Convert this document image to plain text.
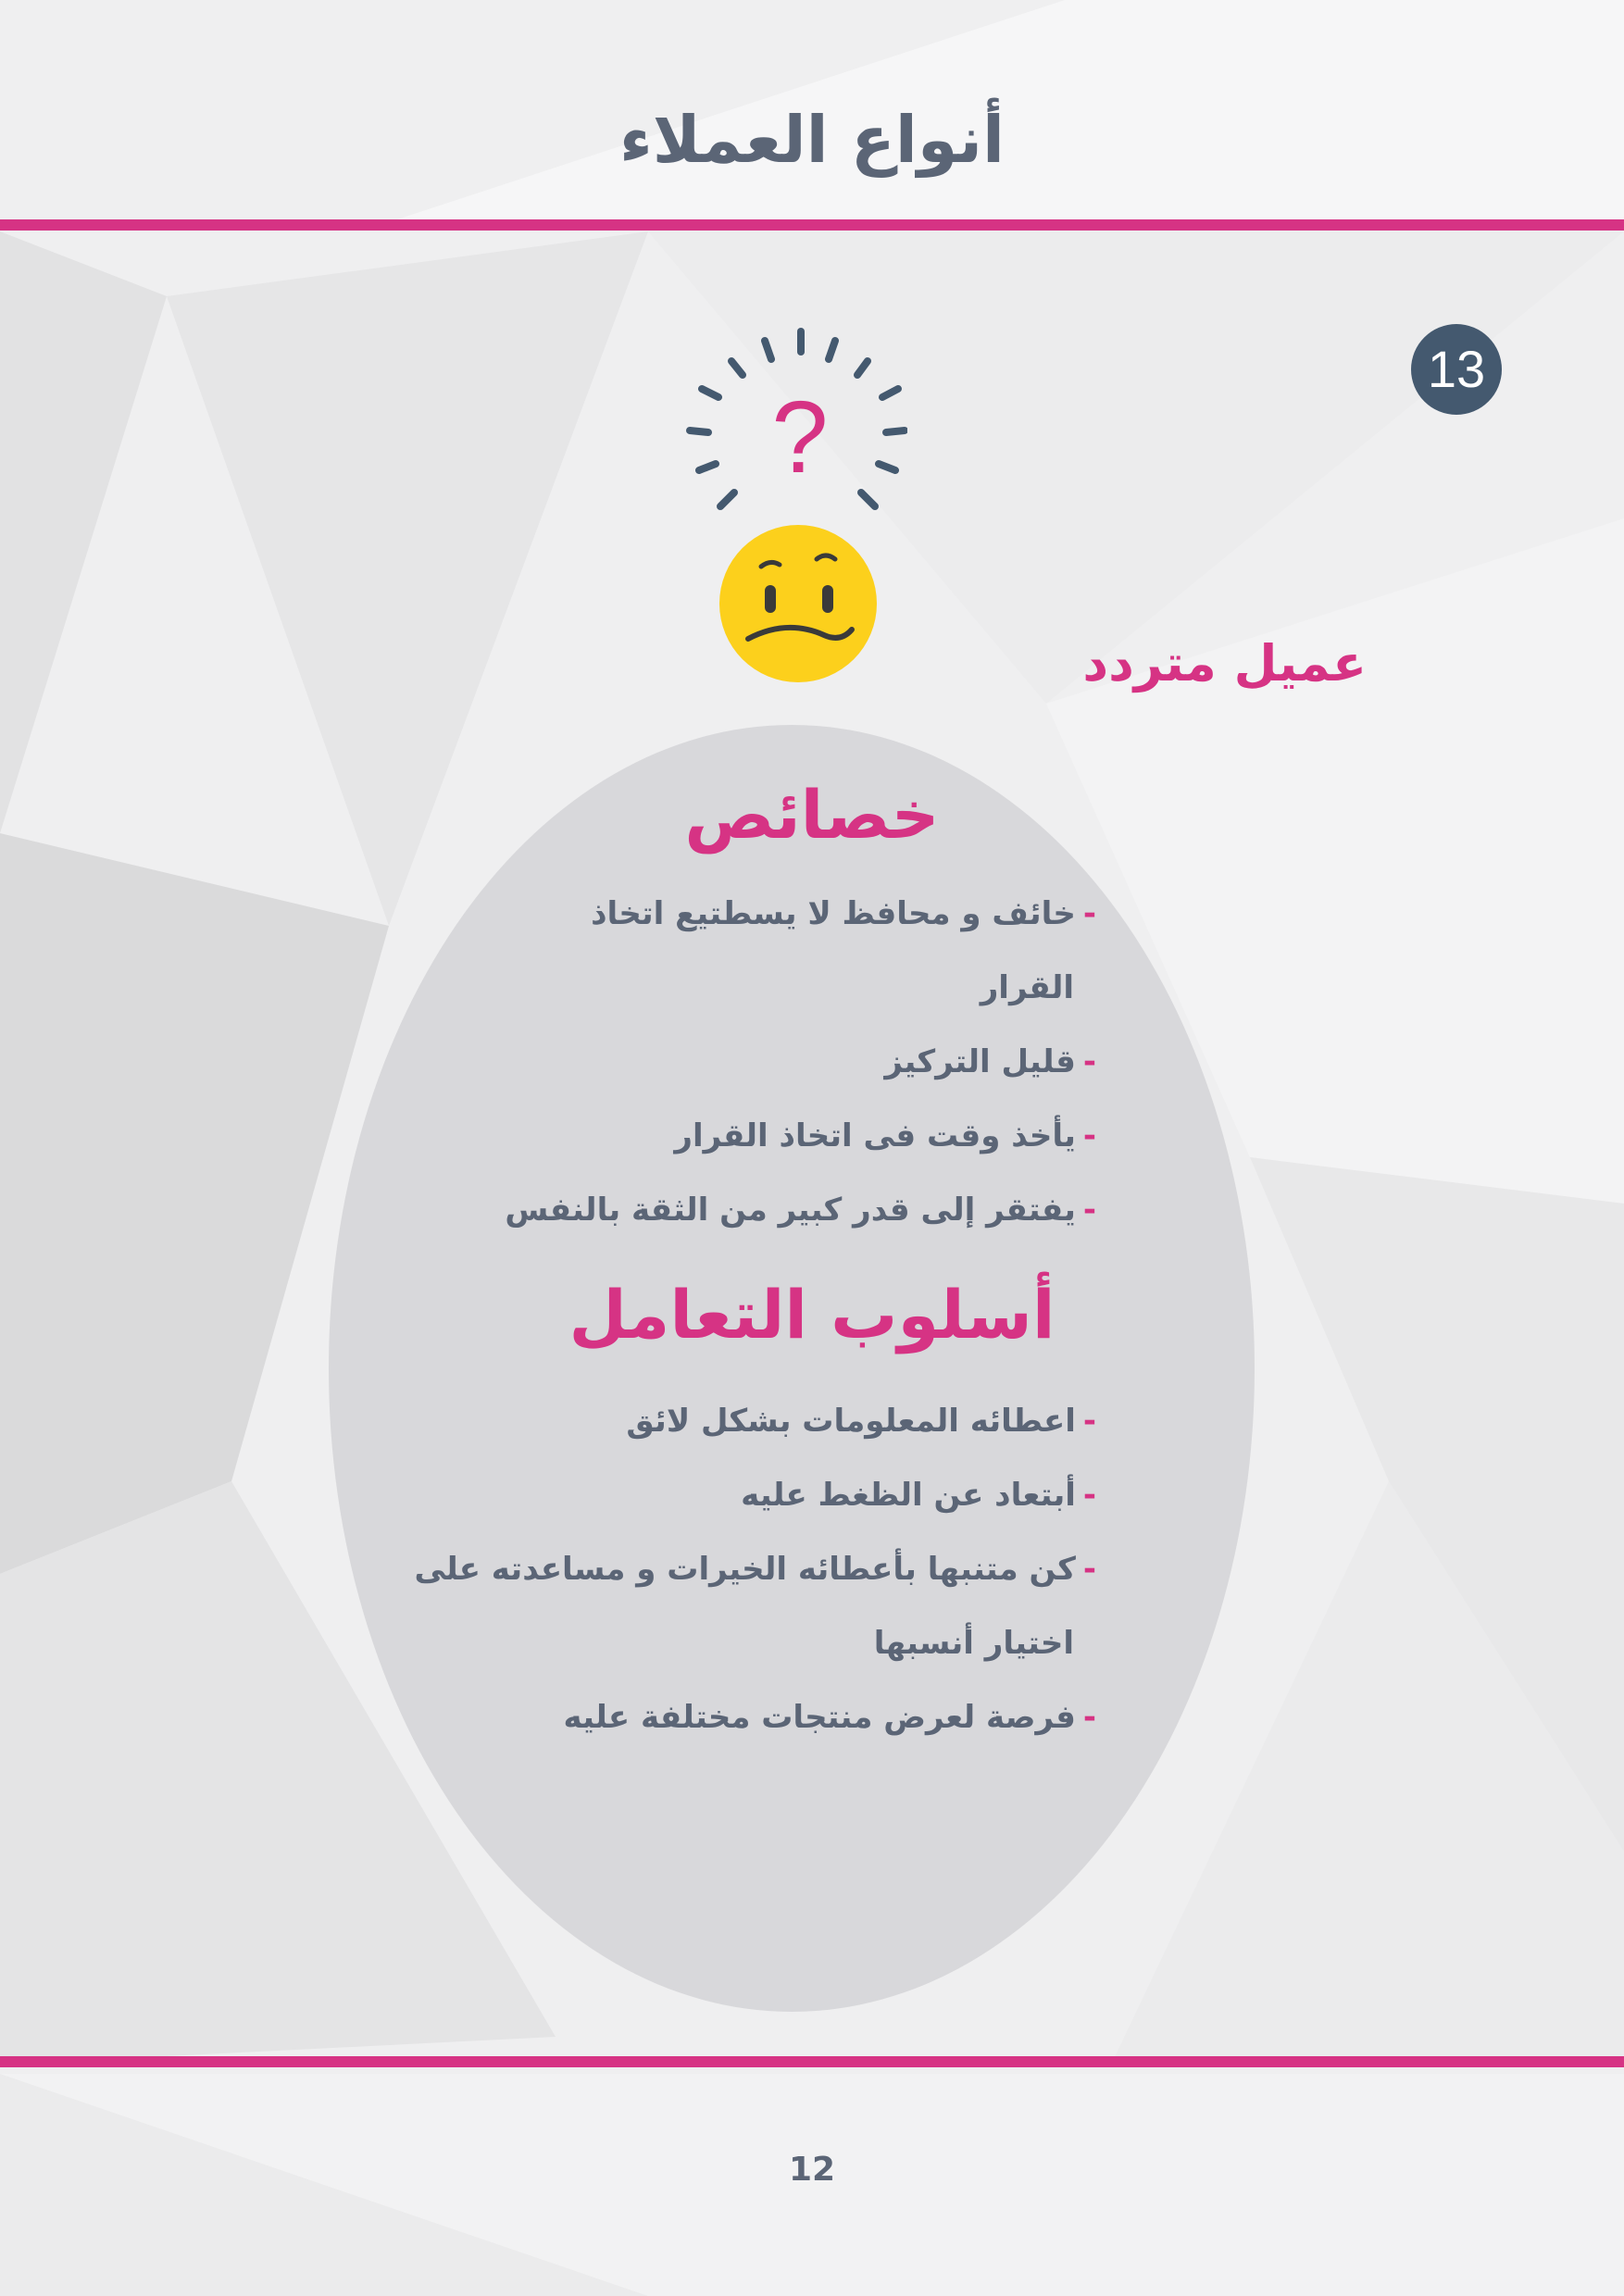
أنواع العملاء
?
13
عميل متردد
خصائص
-خائف و محافظ لا يسطتيع اتخاذ
القرار
-قليل التركيز
-يأخذ وقت فى اتخاذ القرار
-يفتقر إلى قدر كبير من الثقة بالنفس
أسلوب التعامل
-اعطائه المعلومات بشكل لائق
-أبتعاد عن الظغط عليه
-كن متنبها بأعطائه الخيرات و مساعدته على
اختيار أنسبها
-فرصة لعرض منتجات مختلفة عليه
12
